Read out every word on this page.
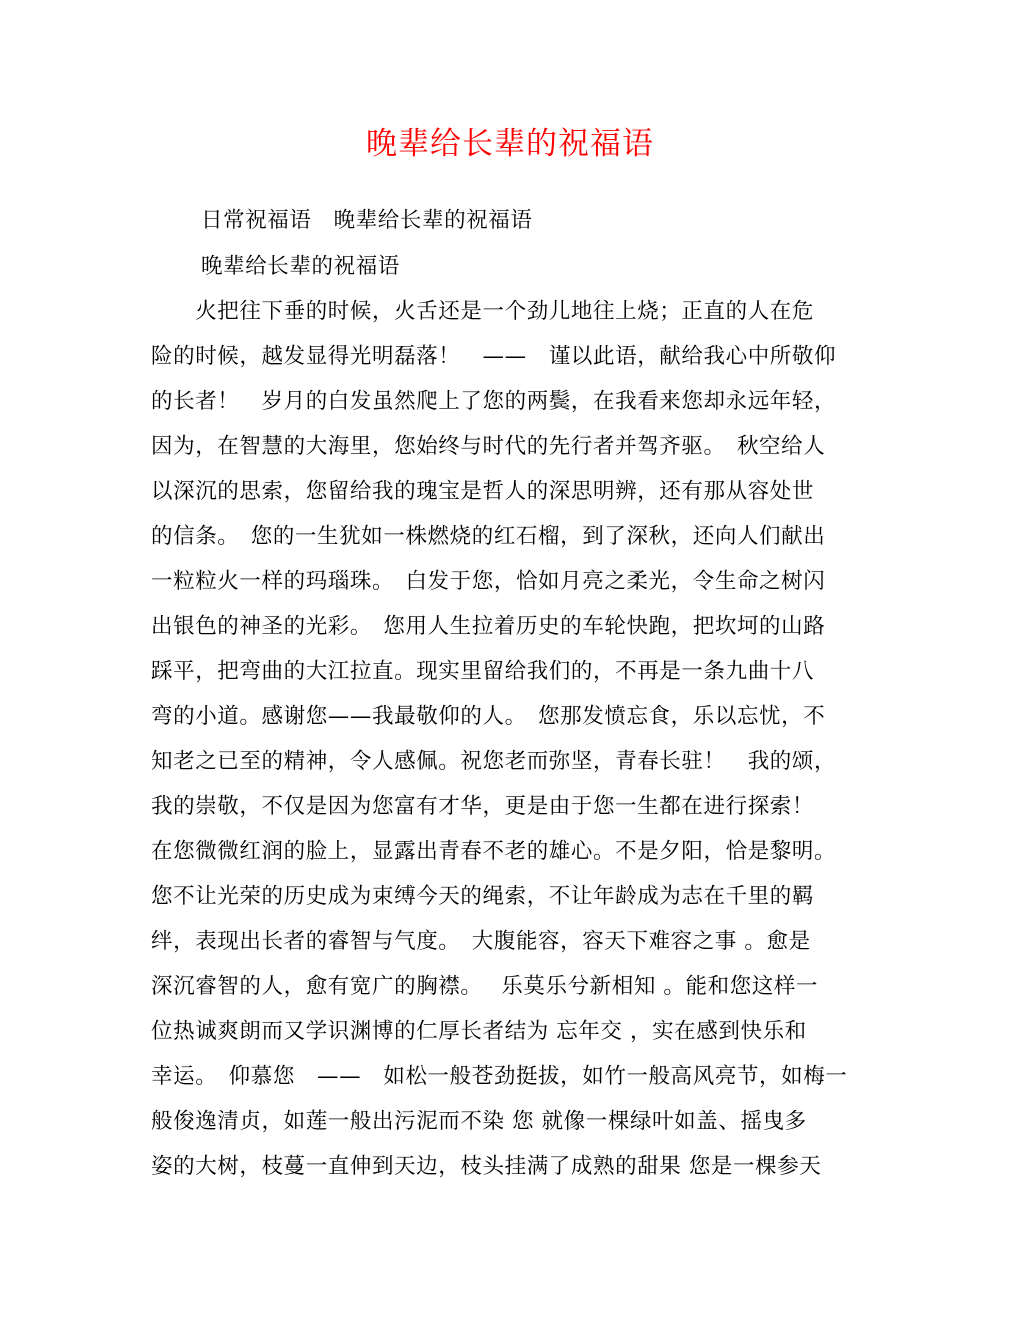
晚辈给长辈的祝福语
日常祝福语　晚辈给长辈的祝福语
晚辈给长辈的祝福语
　　火把往下垂的时候，火舌还是一个劲儿地往上烧；正直的人在危
险的时候，越发显得光明磊落！　——　谨以此语，献给我心中所敬仰
的长者！　岁月的白发虽然爬上了您的两鬓，在我看来您却永远年轻，
因为，在智慧的大海里，您始终与时代的先行者并驾齐驱。　秋空给人
以深沉的思索，您留给我的瑰宝是哲人的深思明辨，还有那从容处世
的信条。　您的一生犹如一株燃烧的红石榴，到了深秋，还向人们献出
一粒粒火一样的玛瑙珠。　白发于您，恰如月亮之柔光，令生命之树闪
出银色的神圣的光彩。　您用人生拉着历史的车轮快跑，把坎坷的山路
踩平，把弯曲的大江拉直。现实里留给我们的，不再是一条九曲十八
弯的小道。感谢您——我最敬仰的人。　您那发愤忘食，乐以忘忧，不
知老之已至的精神，令人感佩。祝您老而弥坚，青春长驻！　我的颂，
我的崇敬，不仅是因为您富有才华，更是由于您一生都在进行探索！
在您微微红润的脸上，显露出青春不老的雄心。不是夕阳，恰是黎明。
您不让光荣的历史成为束缚今天的绳索，不让年龄成为志在千里的羁
绊，表现出长者的睿智与气度。　大腹能容，容天下难容之事 。愈是
深沉睿智的人，愈有宽广的胸襟。　 乐莫乐兮新相知 。能和您这样一
位热诚爽朗而又学识渊博的仁厚长者结为 忘年交 ，实在感到快乐和
幸运。　仰慕您　——　如松一般苍劲挺拔，如竹一般高风亮节，如梅一
般俊逸清贞，如莲一般出污泥而不染 您 就像一棵绿叶如盖、摇曳多
姿的大树，枝蔓一直伸到天边，枝头挂满了成熟的甜果 您是一棵参天
